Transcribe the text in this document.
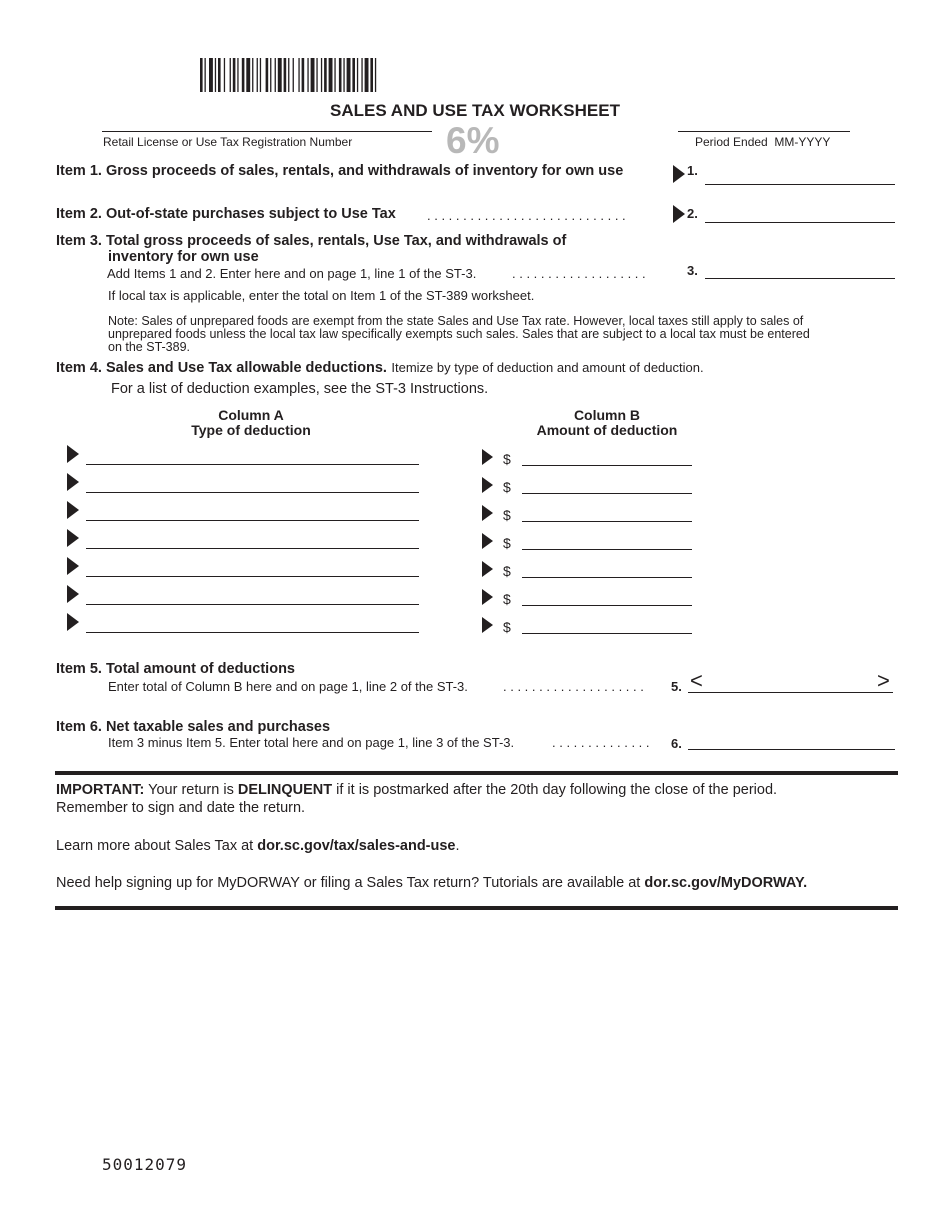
SALES AND USE TAX WORKSHEET
Retail License or Use Tax Registration Number	6%	Period Ended  MM-YYYY
Item 1. Gross proceeds of sales, rentals, and withdrawals of inventory for own use	1.
Item 2. Out-of-state purchases subject to Use Tax . . . . . . . . . . . . . . . . . . . . . . . . . . . .	2.
Item 3. Total gross proceeds of sales, rentals, Use Tax, and withdrawals of
inventory for own use
Add Items 1 and 2. Enter here and on page 1, line 1 of the ST-3.	. . . . . . . . . . . . . . . . . . .	3.
If local tax is applicable, enter the total on Item 1 of the ST-389 worksheet.
Note: Sales of unprepared foods are exempt from the state Sales and Use Tax rate. However, local taxes still apply to sales of
unprepared foods unless the local tax law specifically exempts such sales. Sales that are subject to a local tax must be entered
on the ST-389.
Item 4. Sales and Use Tax allowable deductions. Itemize by type of deduction and amount of deduction.
For a list of deduction examples, see the ST-3 Instructions.
Column A
Type of deduction
Column B
Amount of deduction
$
$
$
$
$
$
$
Item 5. Total amount of deductions
Enter total of Column B here and on page 1, line 2 of the ST-3.	. . . . . . . . . . . . . . . . . . . . 5. <	>
Item 6. Net taxable sales and purchases
Item 3 minus Item 5. Enter total here and on page 1, line 3 of the ST-3.	. . . . . . . . . . . . . . 6.
IMPORTANT: Your return is DELINQUENT if it is postmarked after the 20th day following the close of the period.
Remember to sign and date the return.
Learn more about Sales Tax at dor.sc.gov/tax/sales-and-use.
Need help signing up for MyDORWAY or filing a Sales Tax return? Tutorials are available at dor.sc.gov/MyDORWAY.
50012079
